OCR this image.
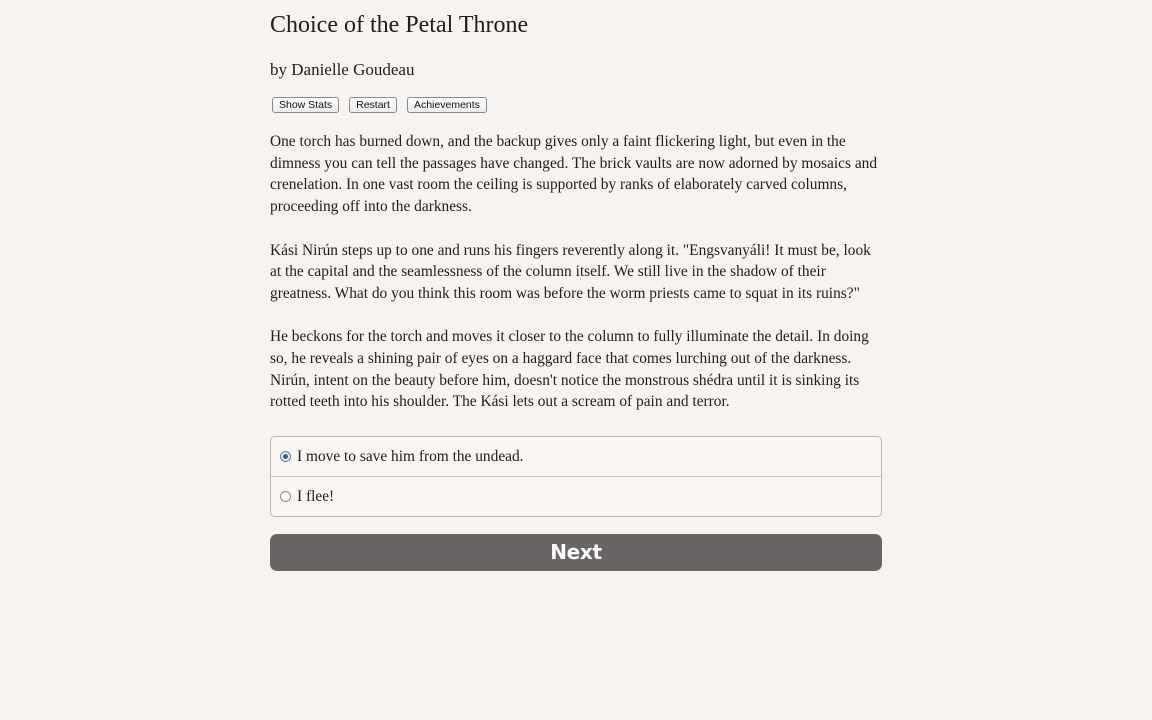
Choice of the Petal Throne
by Danielle Goudeau
Show Stats	Restart	Achievements

One torch has burned down, and the backup gives only a faint flickering light, but even in the dimness you can tell the passages have changed. The brick vaults are now adorned by mosaics and crenelation. In one vast room the ceiling is supported by ranks of elaborately carved columns, proceeding off into the darkness.

Kási Nirún steps up to one and runs his fingers reverently along it. "Engsvanyáli! It must be, look at the capital and the seamlessness of the column itself. We still live in the shadow of their greatness. What do you think this room was before the worm priests came to squat in its ruins?"

He beckons for the torch and moves it closer to the column to fully illuminate the detail. In doing so, he reveals a shining pair of eyes on a haggard face that comes lurching out of the darkness. Nirún, intent on the beauty before him, doesn't notice the monstrous shédra until it is sinking its rotted teeth into his shoulder. The Kási lets out a scream of pain and terror.

I move to save him from the undead.
I flee!
Next
